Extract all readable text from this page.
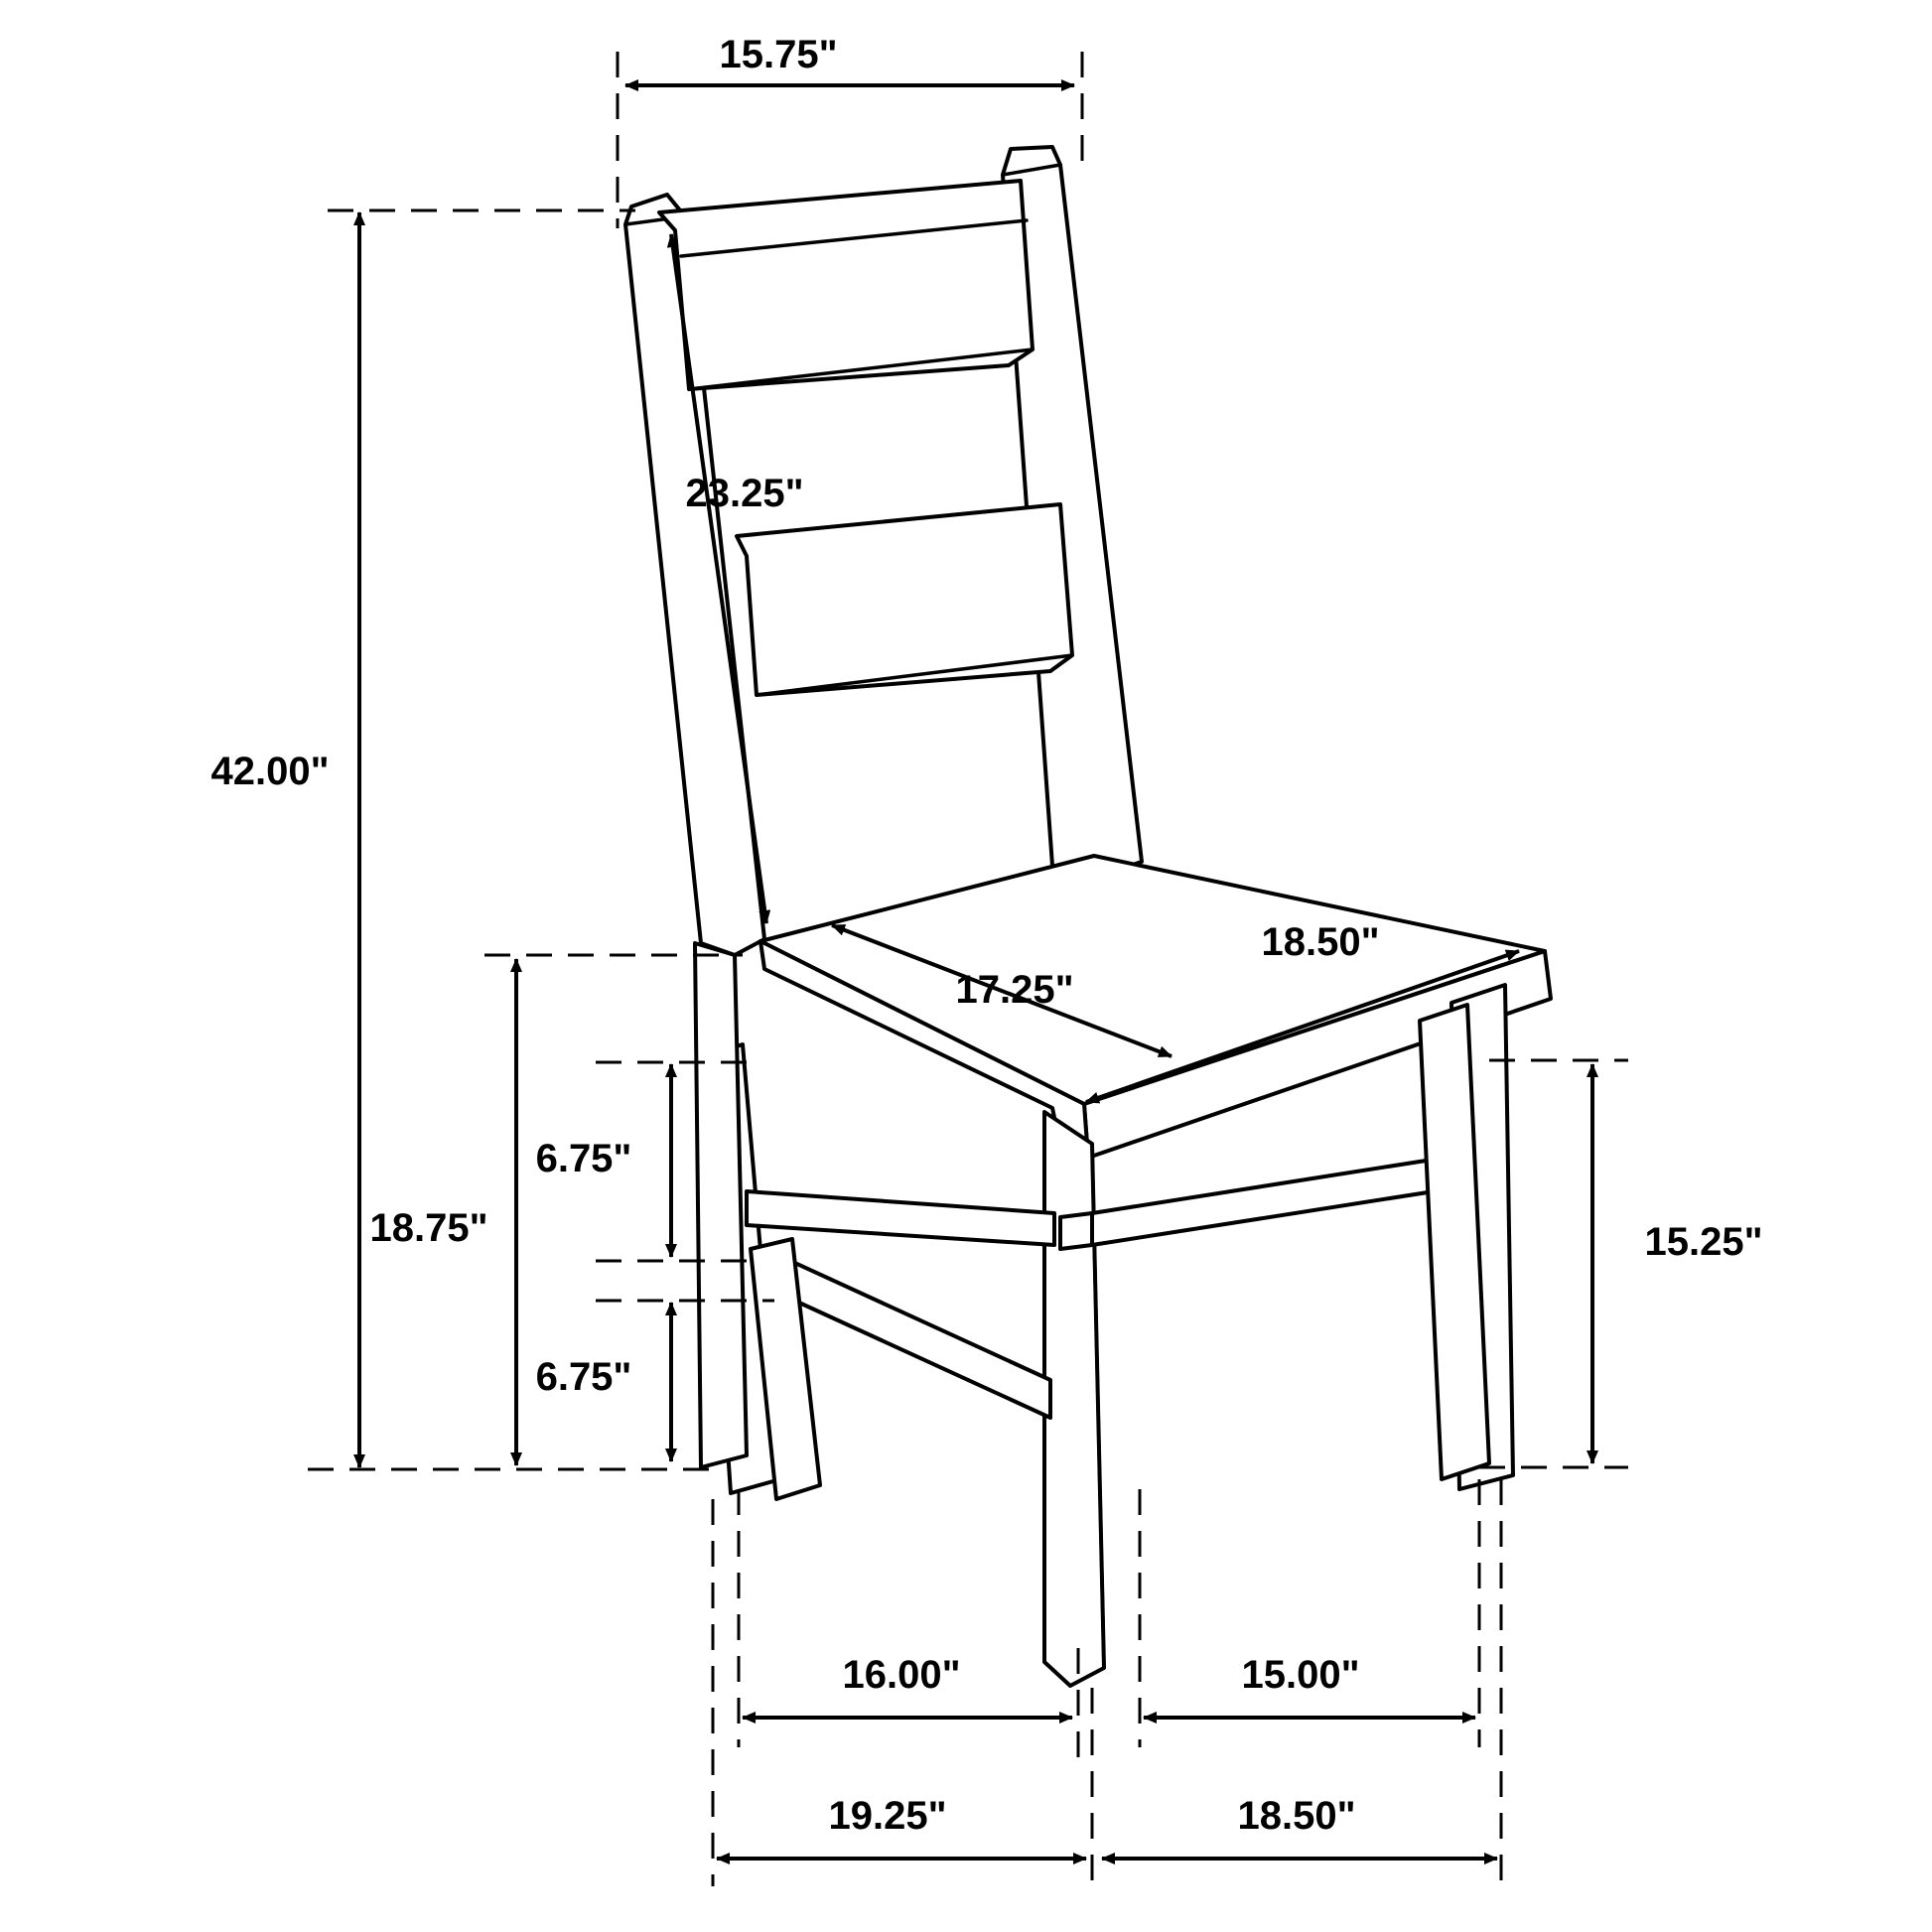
15.75"
23.25"
42.00"
17.25"
18.50"
18.75"
6.75"
6.75"
15.25"
16.00"	15.00"
19.25"	18.50"
